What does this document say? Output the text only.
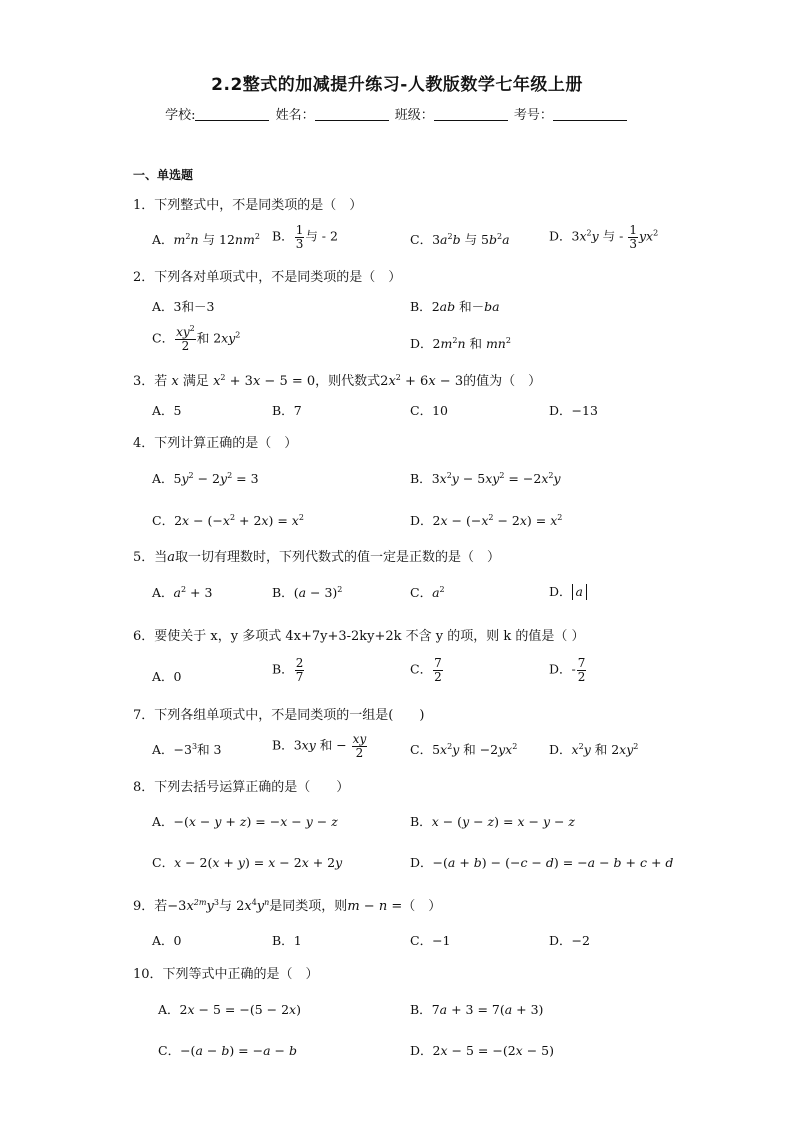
2.2整式的加减提升练习-人教版数学七年级上册
学校:	姓名：	班级：	考号：
一、单选题
1．下列整式中，不是同类项的是（　）
A．$m^2n$ 与 $12nm^2$ B． $\frac{1}{3}$ 与 - 2	C．$3a^2b$ 与 $5b^2a$	D．$3x^2y$ 与 - $\frac{1}{3} yx^2$
2．下列各对单项式中，不是同类项的是（　）
A．3和－3	B．2ab 和－ba
C． $\frac{xy^2}{2}$ 和 $2xy^2$
D．$2m^2n$ 和 $mn^2$
3．若 x 满足 $x^2 + 3x - 5 = 0$，则代数式$2x^2 + 6x - 3$的值为（　）
A．5	B．7	C．10	D．−13
4．下列计算正确的是（　）
A．$5y^2 - 2y^2 = 3$	B．$3x^2y - 5xy^2 = -2x^2y$
C．$2x - (-x^2 + 2x) = x^2$	D．$2x - (-x^2 - 2x) = x^2$
5．当a取一切有理数时，下列代数式的值一定是正数的是（　）
A．$a^2 + 3$	B．$(a - 3)^2$	C．$a^2$	D． a
6．要使关于 x，y 多项式 4x+7y+3-2ky+2k 不含 y 的项，则 k 的值是（ ）
A．0	B． $\frac{2}{7}$	C． $\frac{7}{2}$	D．- $\frac{7}{2}$
7．下列各组单项式中，不是同类项的一组是(　　)
A．$-3^3$和 3	B．3xy 和 − $\frac{xy}{2}$	C．$5x^2y$ 和 $-2yx^2$	D．$x^2y$ 和 $2xy^2$
8．下列去括号运算正确的是（　　）
A．−(x − y + z) = −x − y − z	B．x − (y − z) = x − y − z
C．x − 2(x + y) = x − 2x + 2y	D．−(a + b) − (−c − d) = −a − b + c + d
9．若$-3x^{2m}y^3$与 $2x^4y^n$是同类项，则m − n =（　）
A．0	B．1	C．−1	D．−2
10．下列等式中正确的是（　）
A．2x − 5 = −(5 − 2x)	B．7a + 3 = 7(a + 3)
C．−(a − b) = −a − b	D．2x − 5 = −(2x − 5)
